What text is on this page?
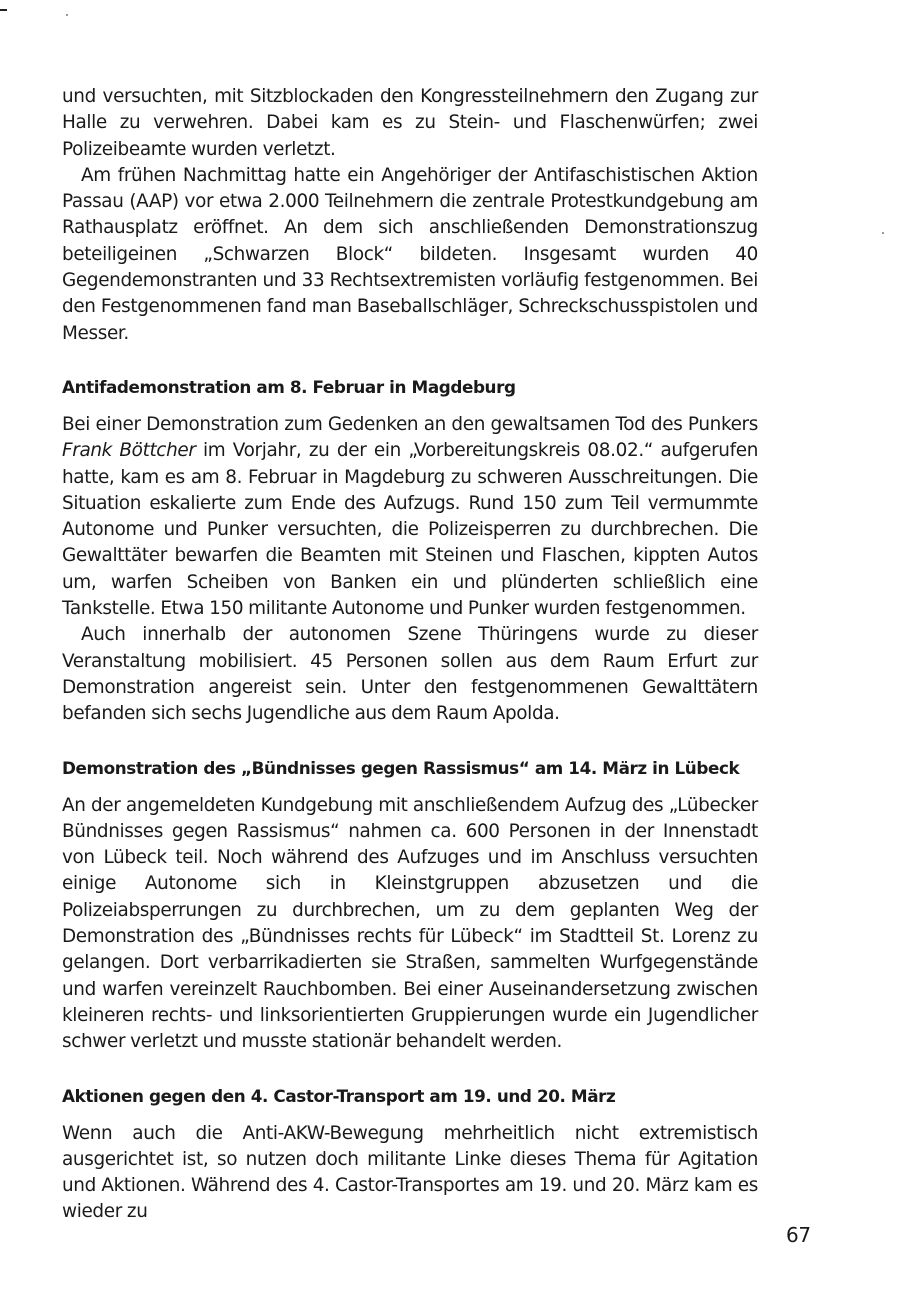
und versuchten, mit Sitzblockaden den Kongressteilnehmern den Zugang zur Halle zu verwehren. Dabei kam es zu Stein- und Flaschenwürfen; zwei Polizeibeamte wurden verletzt.

Am frühen Nachmittag hatte ein Angehöriger der Antifaschistischen Aktion Passau (AAP) vor etwa 2.000 Teilnehmern die zentrale Protestkundgebung am Rathausplatz eröffnet. An dem sich anschließenden Demonstrationszug beteiligeinen „Schwarzen Block“ bildeten. Insgesamt wurden 40 Gegendemonstranten und 33 Rechtsextremisten vorläufig festgenommen. Bei den Festgenommenen fand man Baseballschläger, Schreckschusspistolen und Messer.

Antifademonstration am 8. Februar in Magdeburg

Bei einer Demonstration zum Gedenken an den gewaltsamen Tod des Punkers Frank Böttcher im Vorjahr, zu der ein „Vorbereitungskreis 08.02.“ aufgerufen hatte, kam es am 8. Februar in Magdeburg zu schweren Ausschreitungen. Die Situation eskalierte zum Ende des Aufzugs. Rund 150 zum Teil vermummte Autonome und Punker versuchten, die Polizeisperren zu durchbrechen. Die Gewalttäter bewarfen die Beamten mit Steinen und Flaschen, kippten Autos um, warfen Scheiben von Banken ein und plünderten schließlich eine Tankstelle. Etwa 150 militante Autonome und Punker wurden festgenommen.

Auch innerhalb der autonomen Szene Thüringens wurde zu dieser Veranstaltung mobilisiert. 45 Personen sollen aus dem Raum Erfurt zur Demonstration angereist sein. Unter den festgenommenen Gewalttätern befanden sich sechs Jugendliche aus dem Raum Apolda.

Demonstration des „Bündnisses gegen Rassismus“ am 14. März in Lübeck

An der angemeldeten Kundgebung mit anschließendem Aufzug des „Lübecker Bündnisses gegen Rassismus“ nahmen ca. 600 Personen in der Innenstadt von Lübeck teil. Noch während des Aufzuges und im Anschluss versuchten einige Autonome sich in Kleinstgruppen abzusetzen und die Polizeiabsperrungen zu durchbrechen, um zu dem geplanten Weg der Demonstration des „Bündnisses rechts für Lübeck“ im Stadtteil St. Lorenz zu gelangen. Dort verbarrikadierten sie Straßen, sammelten Wurfgegenstände und warfen vereinzelt Rauchbomben. Bei einer Auseinandersetzung zwischen kleineren rechts- und linksorientierten Gruppierungen wurde ein Jugendlicher schwer verletzt und musste stationär behandelt werden.

Aktionen gegen den 4. Castor-Transport am 19. und 20. März

Wenn auch die Anti-AKW-Bewegung mehrheitlich nicht extremistisch ausgerichtet ist, so nutzen doch militante Linke dieses Thema für Agitation und Aktionen. Während des 4. Castor-Transportes am 19. und 20. März kam es wieder zu

67
